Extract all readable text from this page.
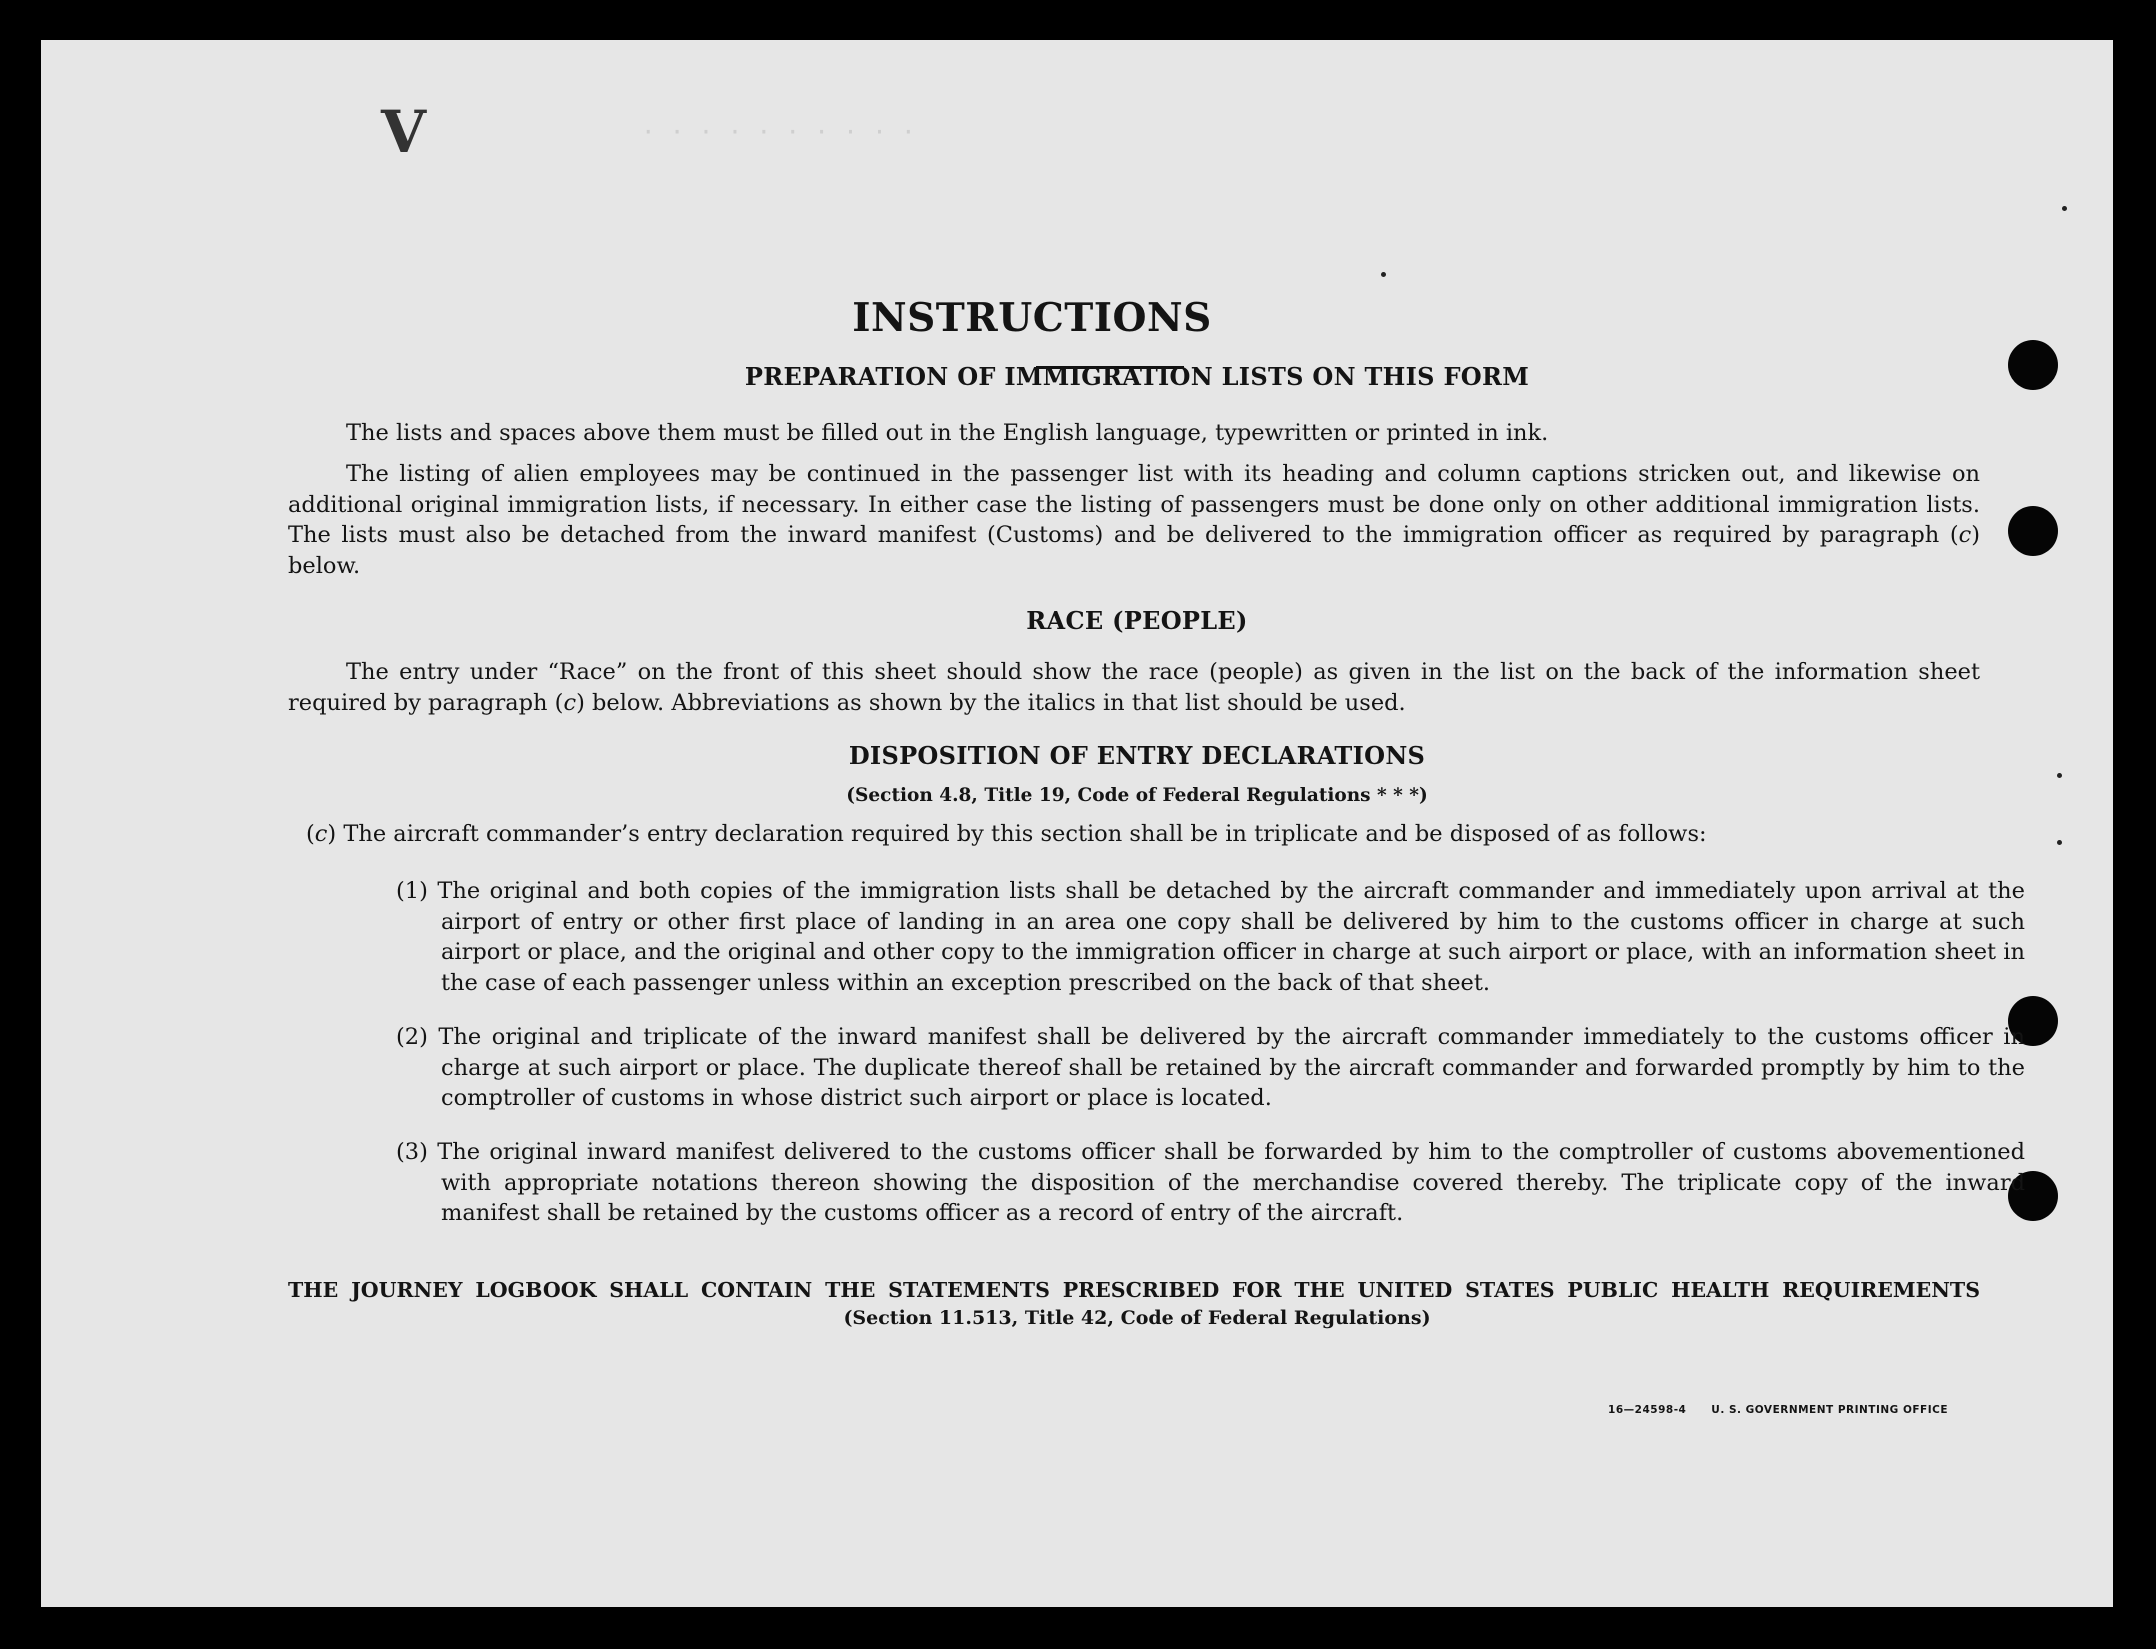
V	· · · · · · · · · ·
INSTRUCTIONS
PREPARATION OF IMMIGRATION LISTS ON THIS FORM
The lists and spaces above them must be filled out in the English language, typewritten or printed in ink.
The listing of alien employees may be continued in the passenger list with its heading and column captions stricken out, and likewise on additional original immigration lists, if necessary. In either case the listing of passengers must be done only on other additional immigration lists. The lists must also be detached from the inward manifest (Customs) and be delivered to the immigration officer as required by paragraph (c) below.
RACE (PEOPLE)
The entry under “Race” on the front of this sheet should show the race (people) as given in the list on the back of the information sheet required by paragraph (c) below. Abbreviations as shown by the italics in that list should be used.
DISPOSITION OF ENTRY DECLARATIONS
(Section 4.8, Title 19, Code of Federal Regulations * * *)
(c) The aircraft commander’s entry declaration required by this section shall be in triplicate and be disposed of as follows:
(1) The original and both copies of the immigration lists shall be detached by the aircraft commander and immediately upon arrival at the airport of entry or other first place of landing in an area one copy shall be delivered by him to the customs officer in charge at such airport or place, and the original and other copy to the immigration officer in charge at such airport or place, with an information sheet in the case of each passenger unless within an exception prescribed on the back of that sheet.
(2) The original and triplicate of the inward manifest shall be delivered by the aircraft commander immediately to the customs officer in charge at such airport or place. The duplicate thereof shall be retained by the aircraft commander and forwarded promptly by him to the comptroller of customs in whose district such airport or place is located.
(3) The original inward manifest delivered to the customs officer shall be forwarded by him to the comptroller of customs abovementioned with appropriate notations thereon showing the disposition of the merchandise covered thereby. The triplicate copy of the inward manifest shall be retained by the customs officer as a record of entry of the aircraft.
THE JOURNEY LOGBOOK SHALL CONTAIN THE STATEMENTS PRESCRIBED FOR THE UNITED STATES PUBLIC HEALTH REQUIREMENTS
(Section 11.513, Title 42, Code of Federal Regulations)
16—24598‑4 U. S. GOVERNMENT PRINTING OFFICE
